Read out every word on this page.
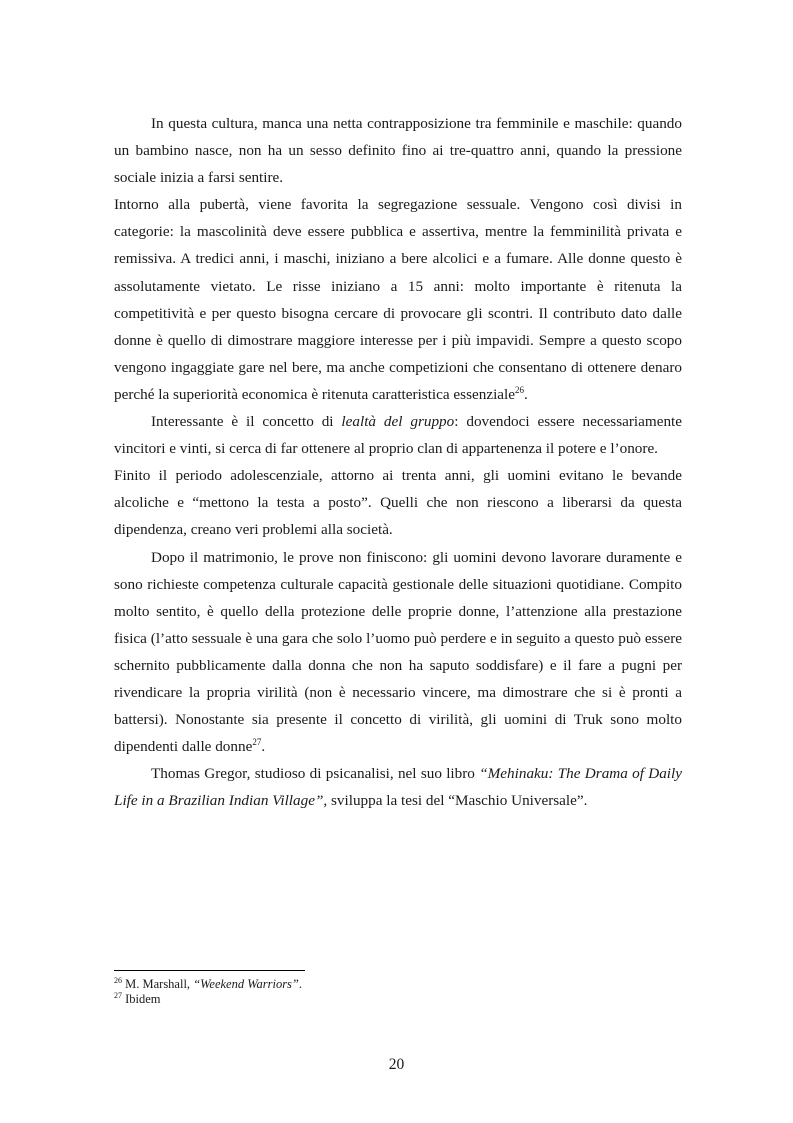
In questa cultura, manca una netta contrapposizione tra femminile e maschile: quando un bambino nasce, non ha un sesso definito fino ai tre-quattro anni, quando la pressione sociale inizia a farsi sentire.

Intorno alla pubertà, viene favorita la segregazione sessuale. Vengono così divisi in categorie: la mascolinità deve essere pubblica e assertiva, mentre la femminilità privata e remissiva. A tredici anni, i maschi, iniziano a bere alcolici e a fumare. Alle donne questo è assolutamente vietato. Le risse iniziano a 15 anni: molto importante è ritenuta la competitività e per questo bisogna cercare di provocare gli scontri. Il contributo dato dalle donne è quello di dimostrare maggiore interesse per i più impavidi. Sempre a questo scopo vengono ingaggiate gare nel bere, ma anche competizioni che consentano di ottenere denaro perché la superiorità economica è ritenuta caratteristica essenziale$^{26}$.

Interessante è il concetto di lealtà del gruppo: dovendoci essere necessariamente vincitori e vinti, si cerca di far ottenere al proprio clan di appartenenza il potere e l’onore.

Finito il periodo adolescenziale, attorno ai trenta anni, gli uomini evitano le bevande alcoliche e “mettono la testa a posto”. Quelli che non riescono a liberarsi da questa dipendenza, creano veri problemi alla società.

Dopo il matrimonio, le prove non finiscono: gli uomini devono lavorare duramente e sono richieste competenza culturale capacità gestionale delle situazioni quotidiane. Compito molto sentito, è quello della protezione delle proprie donne, l’attenzione alla prestazione fisica (l’atto sessuale è una gara che solo l’uomo può perdere e in seguito a questo può essere schernito pubblicamente dalla donna che non ha saputo soddisfare) e il fare a pugni per rivendicare la propria virilità (non è necessario vincere, ma dimostrare che si è pronti a battersi). Nonostante sia presente il concetto di virilità, gli uomini di Truk sono molto dipendenti dalle donne$^{27}$.

Thomas Gregor, studioso di psicanalisi, nel suo libro “Mehinaku: The Drama of Daily Life in a Brazilian Indian Village”, sviluppa la tesi del “Maschio Universale”.

$^{26}$ M. Marshall, “Weekend Warriors”.
$^{27}$ Ibidem
20
